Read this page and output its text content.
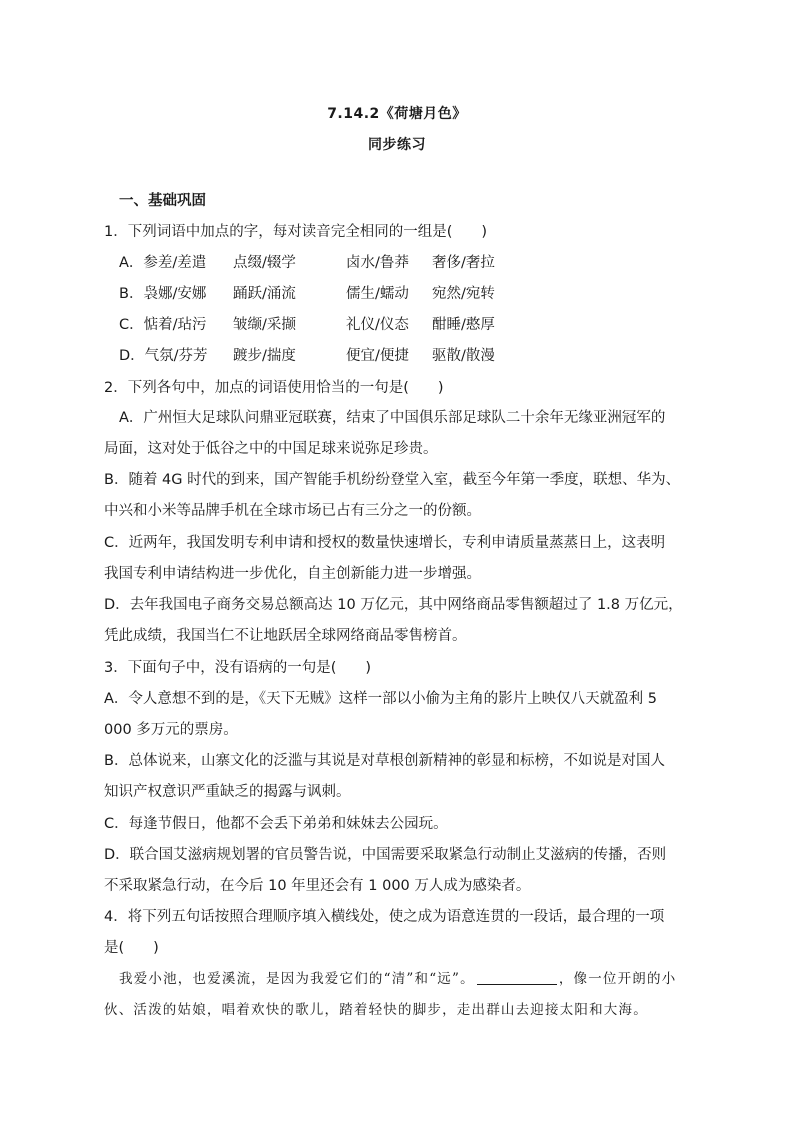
7.14.2《荷塘月色》
同步练习
一、基础巩固
1．下列词语中加点的字，每对读音完全相同的一组是(　　)
A．参差/差遣 点缀/辍学	卤水/鲁莽 奢侈/奢拉
B．袅娜/安娜 踊跃/涌流	儒生/蠕动 宛然/宛转
C．惦着/玷污 皱缬/采撷	礼仪/仪态 酣睡/憨厚
D．气氛/芬芳 踱步/揣度	便宜/便捷 驱散/散漫
2．下列各句中，加点的词语使用恰当的一句是(　　)
A．广州恒大足球队问鼎亚冠联赛，结束了中国俱乐部足球队二十余年无缘亚洲冠军的
局面，这对处于低谷之中的中国足球来说弥足珍贵。
B．随着 4G 时代的到来，国产智能手机纷纷登堂入室，截至今年第一季度，联想、华为、
中兴和小米等品牌手机在全球市场已占有三分之一的份额。
C．近两年，我国发明专利申请和授权的数量快速增长，专利申请质量蒸蒸日上，这表明
我国专利申请结构进一步优化，自主创新能力进一步增强。
D．去年我国电子商务交易总额高达 10 万亿元，其中网络商品零售额超过了 1.8 万亿元，
凭此成绩，我国当仁不让地跃居全球网络商品零售榜首。
3．下面句子中，没有语病的一句是(　　)
A．令人意想不到的是，《天下无贼》这样一部以小偷为主角的影片上映仅八天就盈利 5
000 多万元的票房。
B．总体说来，山寨文化的泛滥与其说是对草根创新精神的彰显和标榜，不如说是对国人
知识产权意识严重缺乏的揭露与讽刺。
C．每逢节假日，他都不会丢下弟弟和妹妹去公园玩。
D．联合国艾滋病规划署的官员警告说，中国需要采取紧急行动制止艾滋病的传播，否则
不采取紧急行动，在今后 10 年里还会有 1 000 万人成为感染者。
4．将下列五句话按照合理顺序填入横线处，使之成为语意连贯的一段话，最合理的一项
是(　　)
我爱小池，也爱溪流，是因为我爱它们的“清”和“远”。	，像一位开朗的小
伙、活泼的姑娘，唱着欢快的歌儿，踏着轻快的脚步，走出群山去迎接太阳和大海。
